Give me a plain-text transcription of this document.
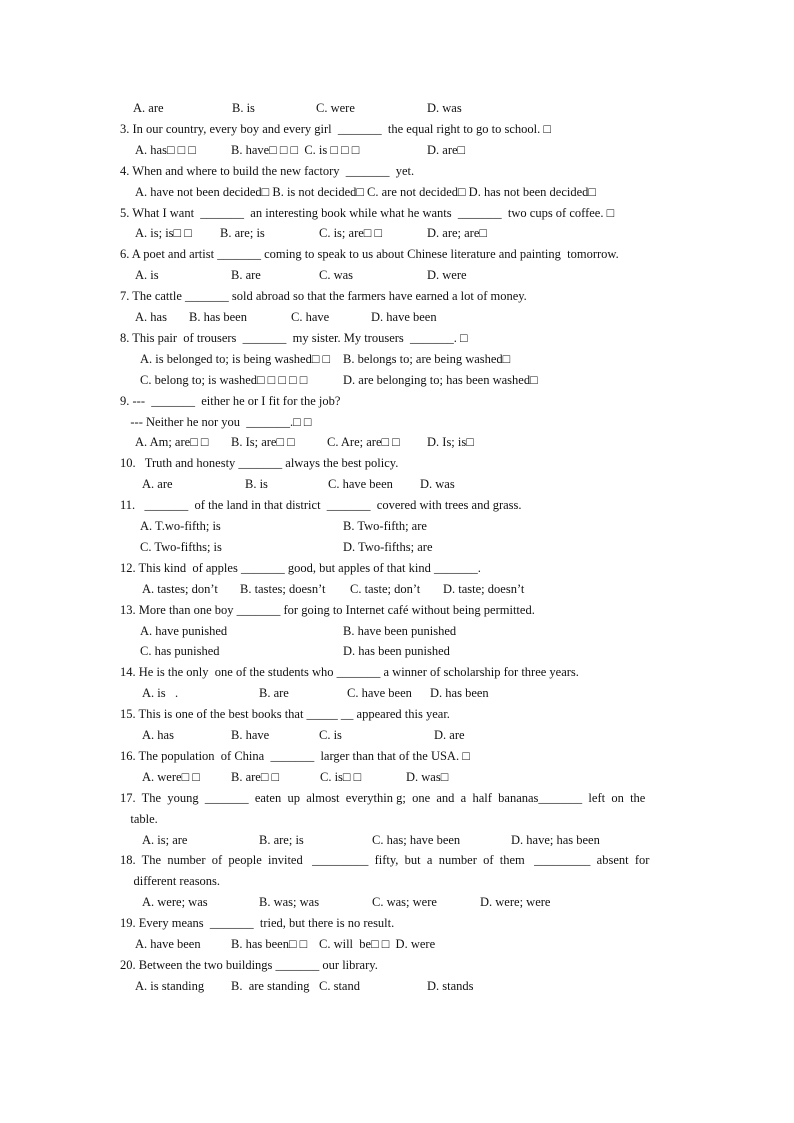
A. are	B. is	C. were	D. was
3. In our country, every boy and every girl  _______  the equal right to go to school. □
A. has□ □ □	B. have□ □ □  C. is □ □ □	D. are□
4. When and where to build the new factory  _______  yet.
A. have not been decided□ B. is not decided□ C. are not decided□ D. has not been decided□
5. What I want  _______  an interesting book while what he wants  _______  two cups of coffee. □
A. is; is□ □ B. are; is	C. is; are□ □	D. are; are□
6. A poet and artist _______ coming to speak to us about Chinese literature and painting  tomorrow.
A. is	B. are	C. was	D. were
7. The cattle _______ sold abroad so that the farmers have earned a lot of money.
A. has B. has been	C. have	D. have been
8. This pair  of trousers  _______  my sister. My trousers  _______. □
A. is belonged to; is being washed□ □ B. belongs to; are being washed□
C. belong to; is washed□ □ □ □ □	D. are belonging to; has been washed□
9. ---  _______  either he or I fit for the job?
--- Neither he nor you  _______.□ □
A. Am; are□ □ B. Is; are□ □	C. Are; are□ □ D. Is; is□
10.   Truth and honesty _______ always the best policy.
A. are	B. is	C. have been D. was
11.   _______  of the land in that district  _______  covered with trees and grass.
A. T.wo-fifth; is	B. Two-fifth; are
C. Two-fifths; is	D. Two-fifths; are
12. This kind  of apples _______ good, but apples of that kind _______.
A. tastes; don’t B. tastes; doesn’t C. taste; don’t D. taste; doesn’t
13. More than one boy _______ for going to Internet café without being permitted.
A. have punished	B. have been punished
C. has punished	D. has been punished
14. He is the only  one of the students who _______ a winner of scholarship for three years.
A. is   .	B. are	C. have been D. has been
15. This is one of the best books that _____ __ appeared this year.
A. has	B. have	C. is	D. are
16. The population  of China  _______  larger than that of the USA. □
A. were□ □ B. are□ □	C. is□ □	D. was□
17.  The  young  _______  eaten  up  almost  everythin g;  one  and  a  half  bananas_______  left  on  the
table.
A. is; are	B. are; is	C. has; have been	D. have; has been
18.  The  number  of  people  invited   _________  fifty,  but  a  number  of  them   _________  absent  for
different reasons.
A. were; was	B. was; was	C. was; were	D. were; were
19. Every means  _______  tried, but there is no result.
A. have been B. has been□ □ C. will  be□ □  D. were
20. Between the two buildings _______ our library.
A. is standing B.  are standing C. stand	D. stands
